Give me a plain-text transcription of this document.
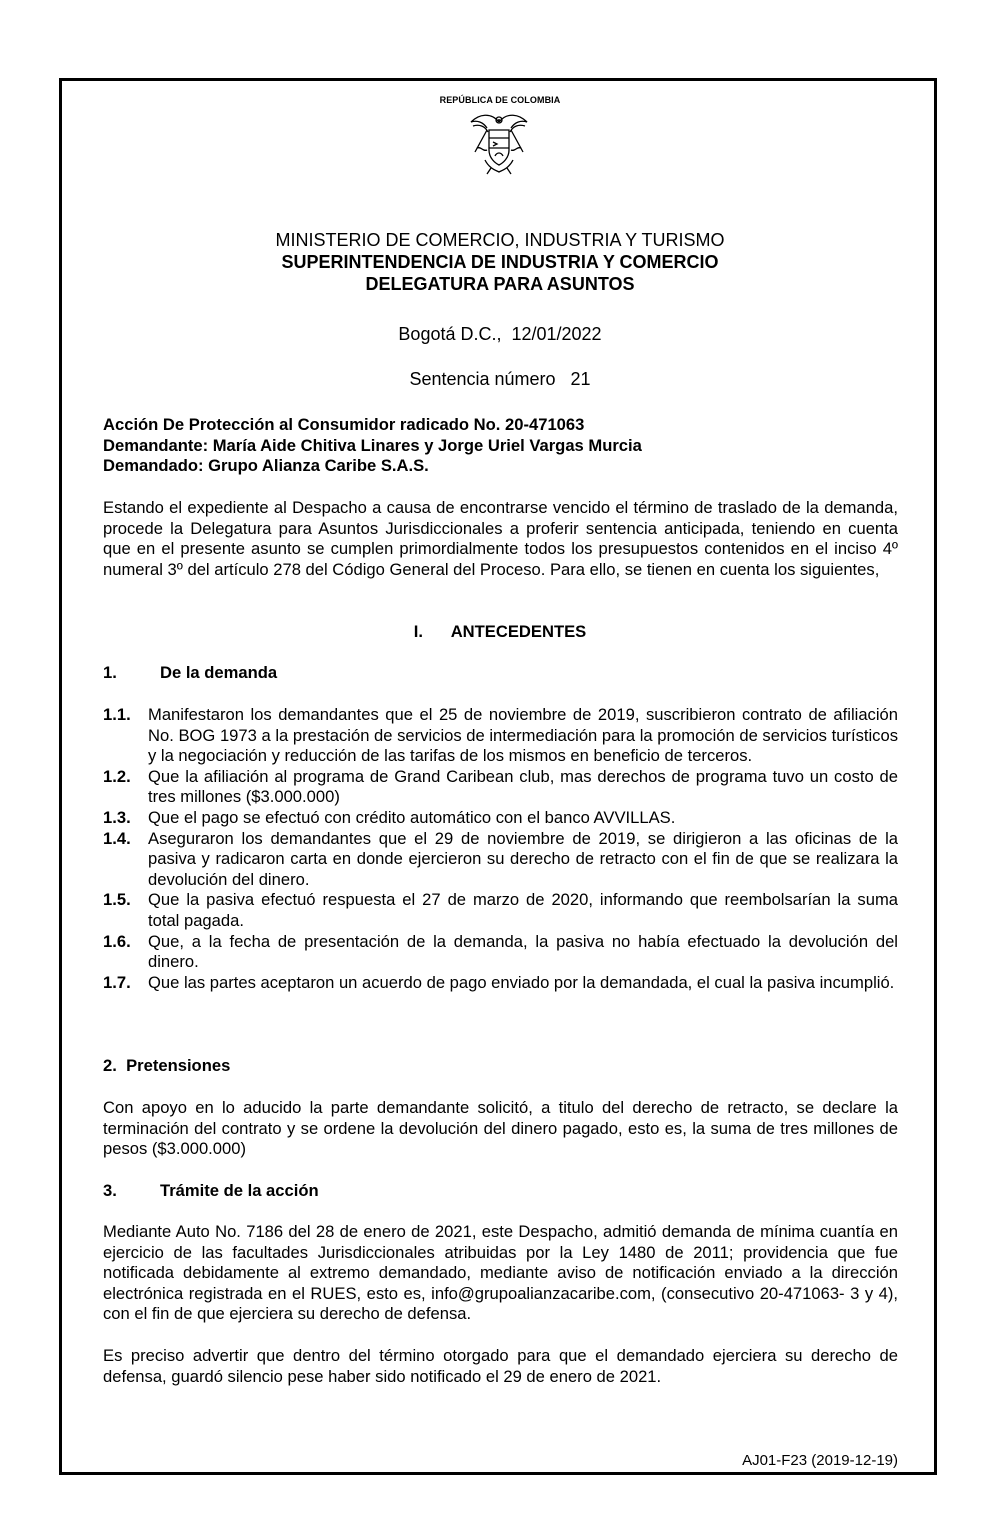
REPÚBLICA DE COLOMBIA
MINISTERIO DE COMERCIO, INDUSTRIA Y TURISMO
SUPERINTENDENCIA DE INDUSTRIA Y COMERCIO
DELEGATURA PARA ASUNTOS
Bogotá D.C.,  12/01/2022
Sentencia número   21
Acción De Protección al Consumidor radicado No. 20-471063
Demandante: María Aide Chitiva Linares y Jorge Uriel Vargas Murcia
Demandado: Grupo Alianza Caribe S.A.S.
Estando el expediente al Despacho a causa de encontrarse vencido el término de traslado de la demanda, procede la Delegatura para Asuntos Jurisdiccionales a proferir sentencia anticipada, teniendo en cuenta que en el presente asunto se cumplen primordialmente todos los presupuestos contenidos en el inciso 4º numeral 3º del artículo 278 del Código General del Proceso. Para ello, se tienen en cuenta los siguientes,
I. ANTECEDENTES
1.	De la demanda
1.1. Manifestaron los demandantes que el 25 de noviembre de 2019, suscribieron contrato de afiliación No. BOG 1973 a la prestación de servicios de intermediación para la promoción de servicios turísticos y la negociación y reducción de las tarifas de los mismos en beneficio de terceros.
1.2. Que la afiliación al programa de Grand Caribean club, mas derechos de programa tuvo un costo de tres millones ($3.000.000)
1.3. Que el pago se efectuó con crédito automático con el banco AVVILLAS.
1.4. Aseguraron los demandantes que el 29 de noviembre de 2019, se dirigieron a las oficinas de la pasiva y radicaron carta en donde ejercieron su derecho de retracto con el fin de que se realizara la devolución del dinero.
1.5. Que la pasiva efectuó respuesta el 27 de marzo de 2020, informando que reembolsarían la suma total pagada.
1.6. Que, a la fecha de presentación de la demanda, la pasiva no había efectuado la devolución del dinero.
1.7. Que las partes aceptaron un acuerdo de pago enviado por la demandada, el cual la pasiva incumplió.
2. Pretensiones
Con apoyo en lo aducido la parte demandante solicitó, a titulo del derecho de retracto, se declare la terminación del contrato y se ordene la devolución del dinero pagado, esto es, la suma de tres millones de pesos ($3.000.000)
3.	Trámite de la acción
Mediante Auto No. 7186 del 28 de enero de 2021, este Despacho, admitió demanda de mínima cuantía en ejercicio de las facultades Jurisdiccionales atribuidas por la Ley 1480 de 2011; providencia que fue notificada debidamente al extremo demandado, mediante aviso de notificación enviado a la dirección electrónica registrada en el RUES, esto es, info@grupoalianzacaribe.com, (consecutivo 20-471063- 3 y 4), con el fin de que ejerciera su derecho de defensa.
Es preciso advertir que dentro del término otorgado para que el demandado ejerciera su derecho de defensa, guardó silencio pese haber sido notificado el 29 de enero de 2021.
AJ01-F23 (2019-12-19)
